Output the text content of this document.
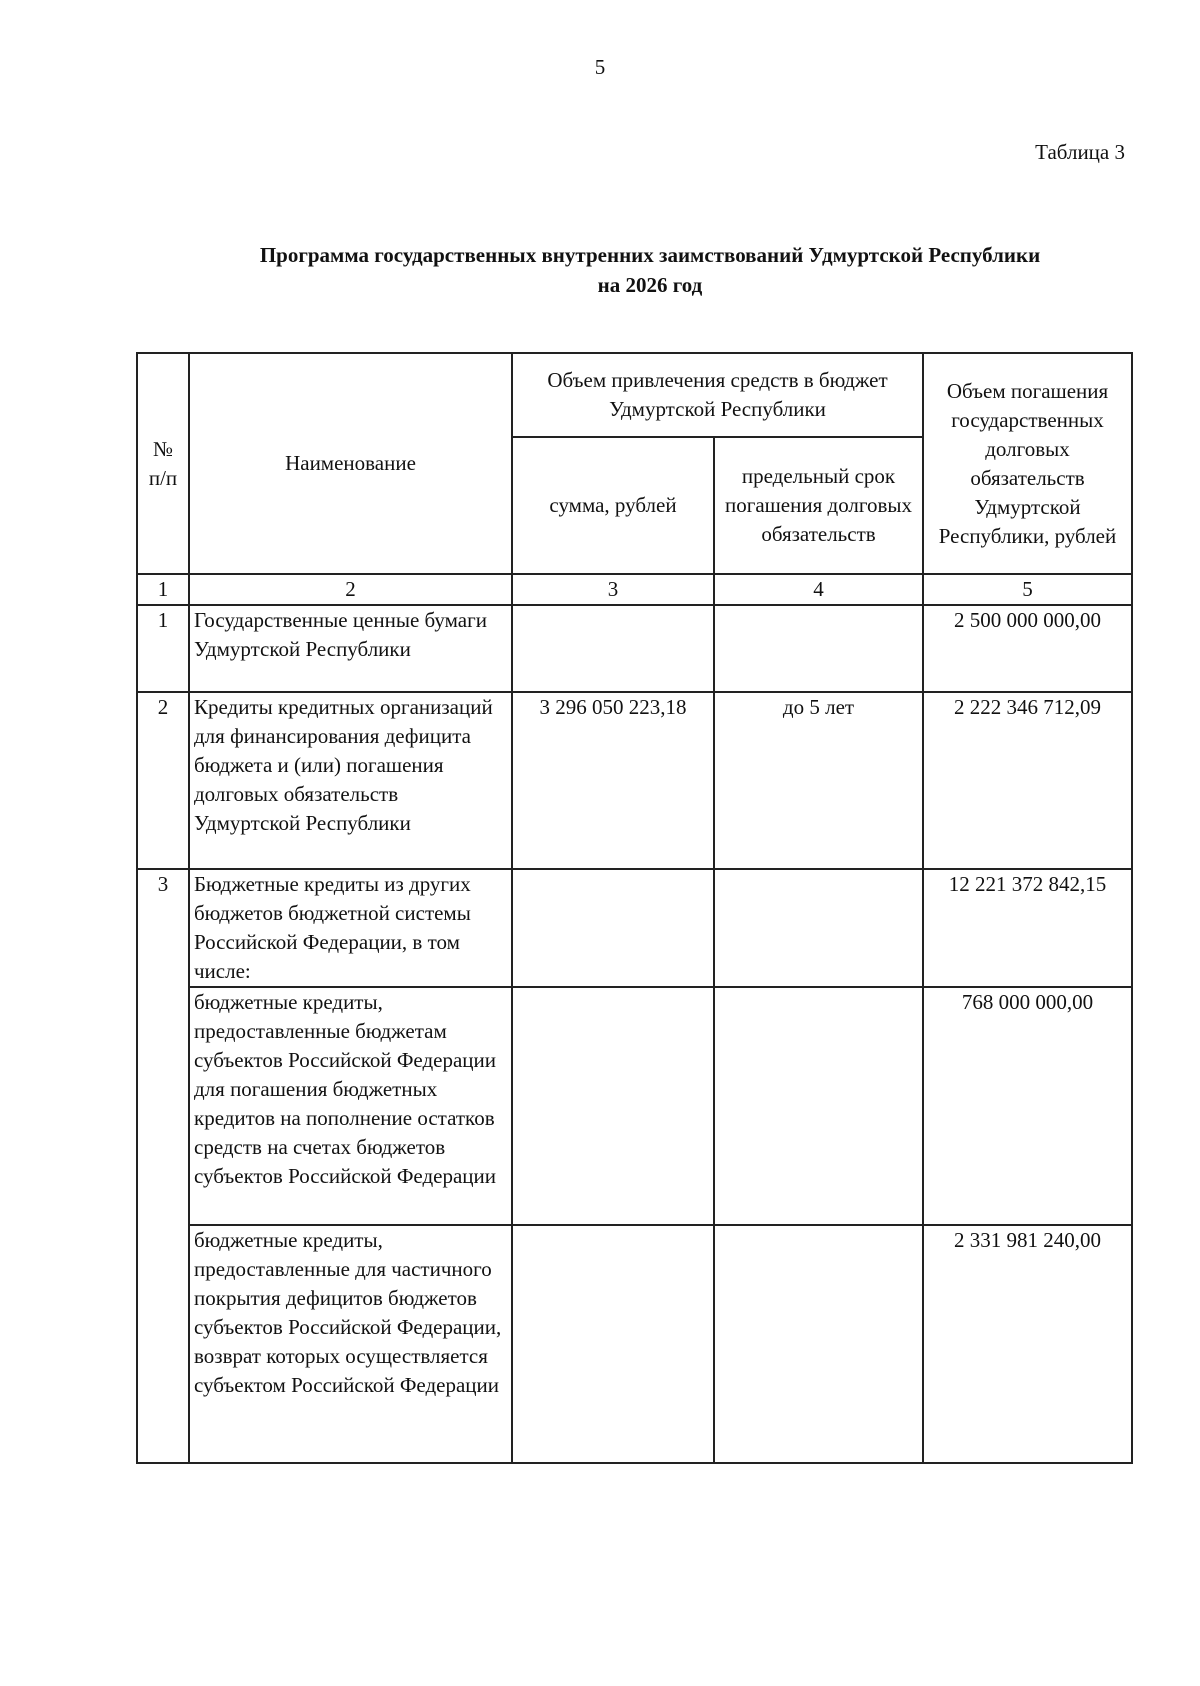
5
Таблица 3
Программа государственных внутренних заимствований Удмуртской Республики
на 2026 год
№ п/п	Наименование	Объем привлечения средств в бюджет Удмуртской Республики		Объем погашения государственных долговых обязательств Удмуртской Республики, рублей
		сумма, рублей	предельный срок погашения долговых обязательств	
1	2	3	4	5
1	Государственные ценные бумаги Удмуртской Республики			2 500 000 000,00
2	Кредиты кредитных организаций для финансирования дефицита бюджета и (или) погашения долговых обязательств Удмуртской Республики	3 296 050 223,18	до 5 лет	2 222 346 712,09
3	Бюджетные кредиты из других бюджетов бюджетной системы Российской Федерации, в том числе:			12 221 372 842,15
	бюджетные кредиты, предоставленные бюджетам субъектов Российской Федерации для погашения бюджетных кредитов на пополнение остатков средств на счетах бюджетов субъектов Российской Федерации			768 000 000,00
	бюджетные кредиты, предоставленные для частичного покрытия дефицитов бюджетов субъектов Российской Федерации, возврат которых осуществляется субъектом Российской Федерации			2 331 981 240,00
